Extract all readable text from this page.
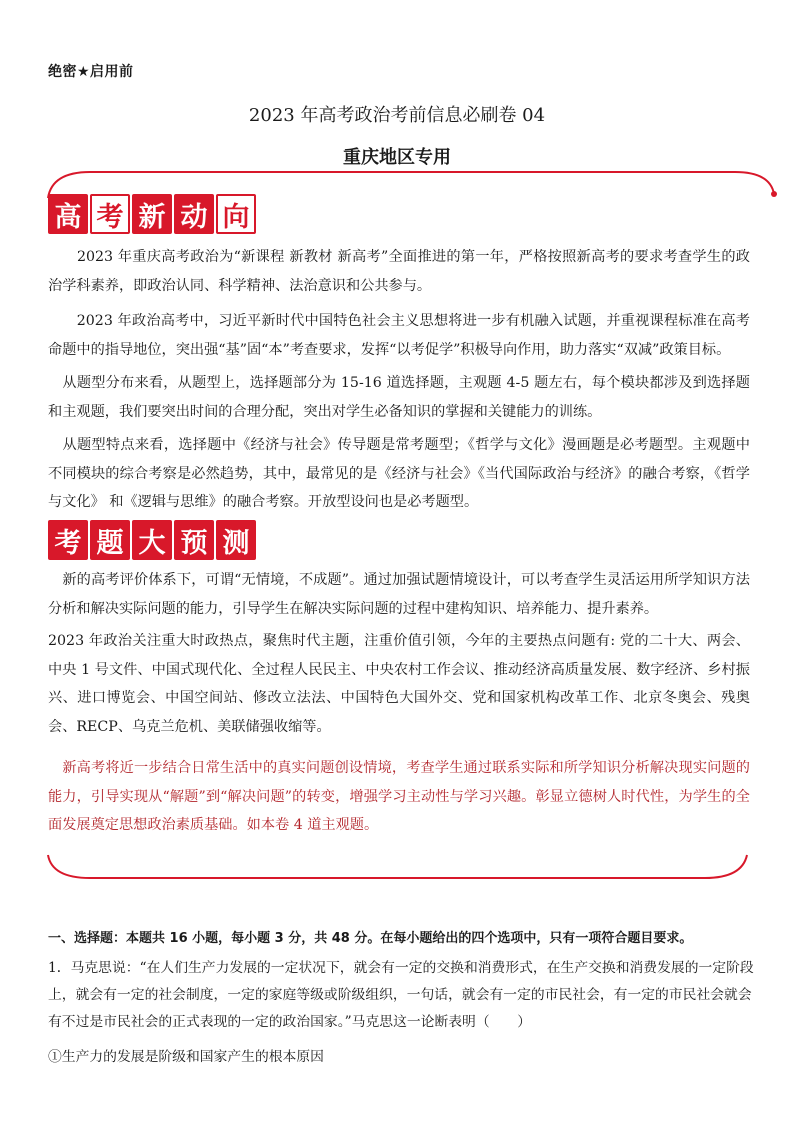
绝密★启用前
2023 年高考政治考前信息必刷卷 04
重庆地区专用
高 考 新 动 向
　　2023 年重庆高考政治为“新课程 新教材 新高考”全面推进的第一年，严格按照新高考的要求考查学生的政治学科素养，即政治认同、科学精神、法治意识和公共参与。
　　2023 年政治高考中，习近平新时代中国特色社会主义思想将进一步有机融入试题，并重视课程标准在高考命题中的指导地位，突出强“基”固“本”考查要求，发挥“以考促学”积极导向作用，助力落实“双减”政策目标。
　从题型分布来看，从题型上，选择题部分为 15-16 道选择题，主观题 4-5 题左右，每个模块都涉及到选择题和主观题，我们要突出时间的合理分配，突出对学生必备知识的掌握和关键能力的训练。
　从题型特点来看，选择题中《经济与社会》传导题是常考题型；《哲学与文化》漫画题是必考题型。主观题中不同模块的综合考察是必然趋势，其中，最常见的是《经济与社会》《当代国际政治与经济》的融合考察，《哲学与文化》 和《逻辑与思维》的融合考察。开放型设问也是必考题型。
考 题 大 预 测
　新的高考评价体系下，可谓“无情境，不成题”。通过加强试题情境设计，可以考查学生灵活运用所学知识方法分析和解决实际问题的能力，引导学生在解决实际问题的过程中建构知识、培养能力、提升素养。
2023 年政治关注重大时政热点，聚焦时代主题，注重价值引领，今年的主要热点问题有: 党的二十大、两会、中央 1 号文件、中国式现代化、全过程人民民主、中央农村工作会议、推动经济高质量发展、数字经济、乡村振兴、进口博览会、中国空间站、修改立法法、中国特色大国外交、党和国家机构改革工作、北京冬奥会、残奥会、RECP、乌克兰危机、美联储强收缩等。
　新高考将近一步结合日常生活中的真实问题创设情境，考查学生通过联系实际和所学知识分析解决现实问题的能力，引导实现从“解题”到“解决问题”的转变，增强学习主动性与学习兴趣。彰显立德树人时代性，为学生的全面发展奠定思想政治素质基础。如本卷 4 道主观题。
一、选择题：本题共 16 小题，每小题 3 分，共 48 分。在每小题给出的四个选项中，只有一项符合题目要求。
1．马克思说：“在人们生产力发展的一定状况下，就会有一定的交换和消费形式，在生产交换和消费发展的一定阶段上，就会有一定的社会制度，一定的家庭等级或阶级组织，一句话，就会有一定的市民社会，有一定的市民社会就会有不过是市民社会的正式表现的一定的政治国家。”马克思这一论断表明（　　）
①生产力的发展是阶级和国家产生的根本原因
